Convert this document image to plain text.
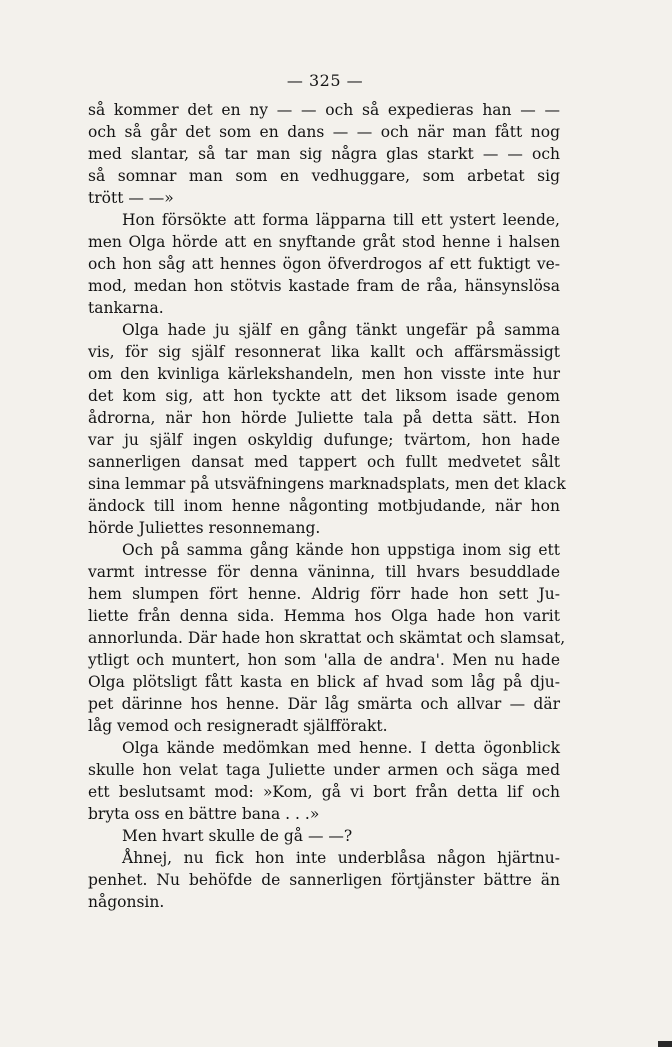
— 325 —
så kommer det en ny — — och så expedieras han — —
och så går det som en dans — — och när man fått nog
med slantar, så tar man sig några glas starkt — — och
så somnar man som en vedhuggare, som arbetat sig
trött — —»
Hon försökte att forma läpparna till ett ystert leende,
men Olga hörde att en snyftande gråt stod henne i halsen
och hon såg att hennes ögon öfverdrogos af ett fuktigt ve-
mod, medan hon stötvis kastade fram de råa, hänsynslösa
tankarna.
Olga hade ju själf en gång tänkt ungefär på samma
vis, för sig själf resonnerat lika kallt och affärsmässigt
om den kvinliga kärlekshandeln, men hon visste inte hur
det kom sig, att hon tyckte att det liksom isade genom
ådrorna, när hon hörde Juliette tala på detta sätt. Hon
var ju själf ingen oskyldig dufunge; tvärtom, hon hade
sannerligen dansat med tappert och fullt medvetet sålt
sina lemmar på utsväfningens marknadsplats, men det klack
ändock till inom henne någonting motbjudande, när hon
hörde Juliettes resonnemang.
Och på samma gång kände hon uppstiga inom sig ett
varmt intresse för denna väninna, till hvars besuddlade
hem slumpen fört henne. Aldrig förr hade hon sett Ju-
liette från denna sida. Hemma hos Olga hade hon varit
annorlunda. Där hade hon skrattat och skämtat och slamsat,
ytligt och muntert, hon som 'alla de andra'. Men nu hade
Olga plötsligt fått kasta en blick af hvad som låg på dju-
pet därinne hos henne. Där låg smärta och allvar — där
låg vemod och resigneradt själfförakt.
Olga kände medömkan med henne. I detta ögonblick
skulle hon velat taga Juliette under armen och säga med
ett beslutsamt mod: »Kom, gå vi bort från detta lif och
bryta oss en bättre bana . . .»
Men hvart skulle de gå — —?
Åhnej, nu fick hon inte underblåsa någon hjärtnu-
penhet. Nu behöfde de sannerligen förtjänster bättre än
någonsin.
